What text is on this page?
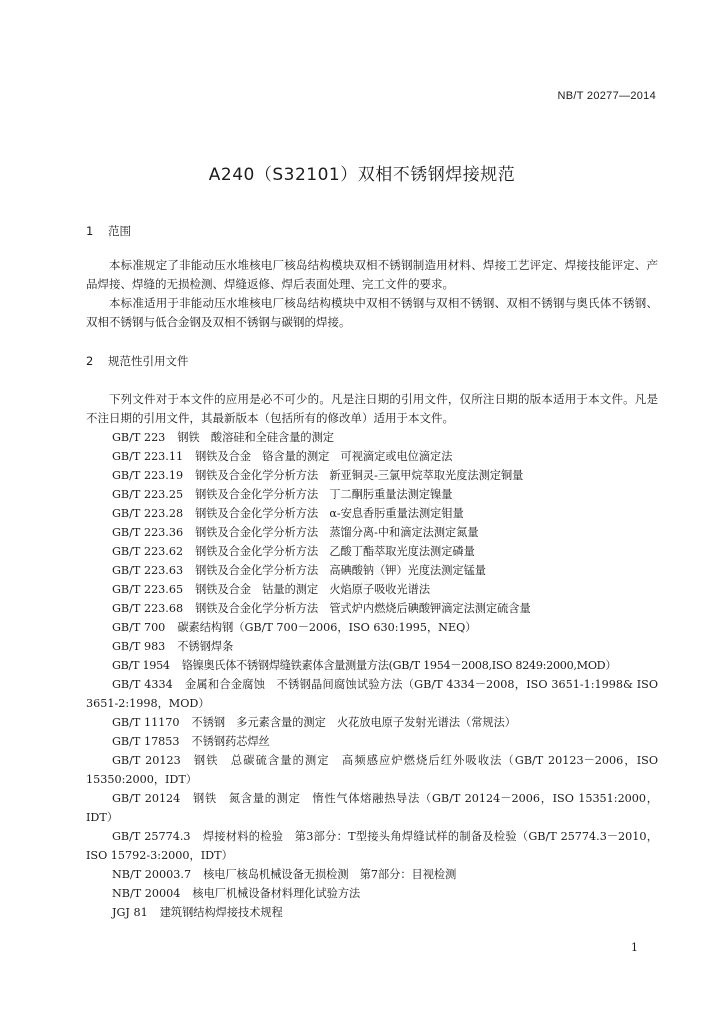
NB/T 20277—2014
A240（S32101）双相不锈钢焊接规范
1 范围

本标准规定了非能动压水堆核电厂核岛结构模块双相不锈钢制造用材料、焊接工艺评定、焊接技能评定、产品焊接、焊缝的无损检测、焊缝返修、焊后表面处理、完工文件的要求。

本标准适用于非能动压水堆核电厂核岛结构模块中双相不锈钢与双相不锈钢、双相不锈钢与奥氏体不锈钢、双相不锈钢与低合金钢及双相不锈钢与碳钢的焊接。

2 规范性引用文件

下列文件对于本文件的应用是必不可少的。凡是注日期的引用文件，仅所注日期的版本适用于本文件。凡是不注日期的引用文件，其最新版本（包括所有的修改单）适用于本文件。

GB/T 223 钢铁　酸溶硅和全硅含量的测定

GB/T 223.11 钢铁及合金　铬含量的测定　可视滴定或电位滴定法

GB/T 223.19 钢铁及合金化学分析方法　新亚铜灵-三氯甲烷萃取光度法测定铜量

GB/T 223.25 钢铁及合金化学分析方法　丁二酮肟重量法测定镍量

GB/T 223.28 钢铁及合金化学分析方法　α-安息香肟重量法测定钼量

GB/T 223.36 钢铁及合金化学分析方法　蒸馏分离-中和滴定法测定氮量

GB/T 223.62 钢铁及合金化学分析方法　乙酸丁酯萃取光度法测定磷量

GB/T 223.63 钢铁及合金化学分析方法　高碘酸钠（钾）光度法测定锰量

GB/T 223.65 钢铁及合金　钴量的测定　火焰原子吸收光谱法

GB/T 223.68 钢铁及合金化学分析方法　管式炉内燃烧后碘酸钾滴定法测定硫含量

GB/T 700 碳素结构钢（GB/T 700－2006，ISO 630:1995，NEQ）

GB/T 983 不锈钢焊条

GB/T 1954 铬镍奥氏体不锈钢焊缝铁素体含量测量方法(GB/T 1954－2008,ISO 8249:2000,MOD）

GB/T 4334 金属和合金腐蚀　不锈钢晶间腐蚀试验方法（GB/T 4334－2008，ISO 3651-1:1998& ISO 3651-2:1998，MOD）

GB/T 11170 不锈钢　多元素含量的测定　火花放电原子发射光谱法（常规法）

GB/T 17853 不锈钢药芯焊丝

GB/T 20123 钢铁　总碳硫含量的测定　高频感应炉燃烧后红外吸收法（GB/T 20123－2006，ISO 15350:2000，IDT）

GB/T 20124 钢铁　氮含量的测定　惰性气体熔融热导法（GB/T 20124－2006，ISO 15351:2000，IDT）

GB/T 25774.3 焊接材料的检验　第3部分：T型接头角焊缝试样的制备及检验（GB/T 25774.3－2010，ISO 15792-3:2000，IDT）

NB/T 20003.7 核电厂核岛机械设备无损检测　第7部分：目视检测

NB/T 20004 核电厂机械设备材料理化试验方法

JGJ 81 建筑钢结构焊接技术规程

1
